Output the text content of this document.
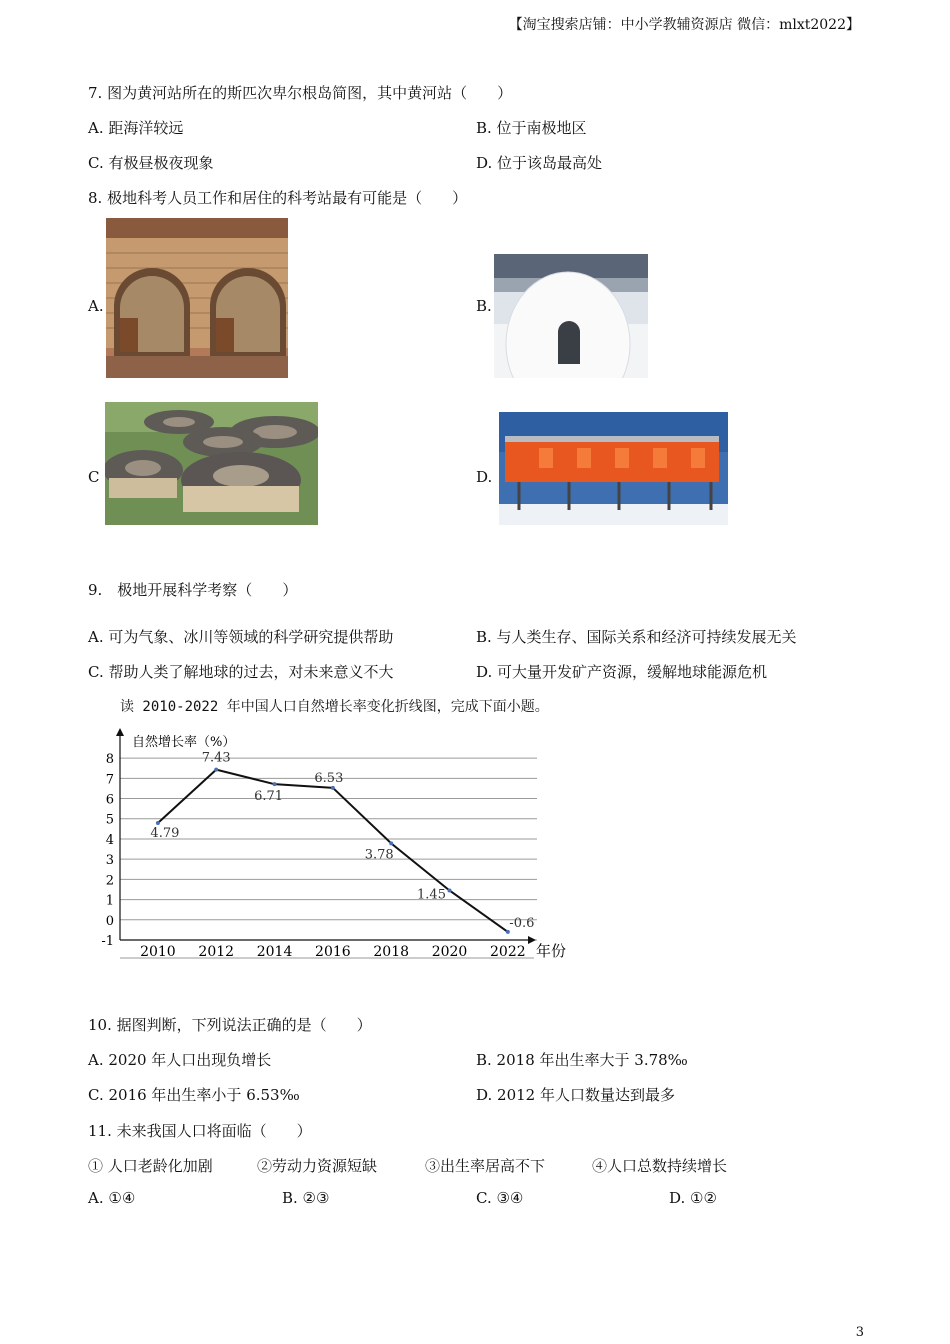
【淘宝搜索店铺：中小学教辅资源店 微信：mlxt2022】
7. 图为黄河站所在的斯匹次卑尔根岛简图，其中黄河站（　　）
A. 距海洋较远	B. 位于南极地区
C. 有极昼极夜现象	D. 位于该岛最高处
8. 极地科考人员工作和居住的科考站最有可能是（　　）
A.	B.
C	D.
9.　极地开展科学考察（　　）
A. 可为气象、冰川等领域的科学研究提供帮助	B. 与人类生存、国际关系和经济可持续发展无关
C. 帮助人类了解地球的过去，对未来意义不大	D. 可大量开发矿产资源，缓解地球能源危机
读 2010-2022 年中国人口自然增长率变化折线图，完成下面小题。
-1
0
1
2
3
4
5
6
7
8
2010 2012 2014 2016 2018 2020 2022
4.79
7.43
6.71
6.53
3.78
1.45
-0.6
自然增长率（%）
年份
10. 据图判断，下列说法正确的是（　　）
A. 2020 年人口出现负增长	B. 2018 年出生率大于 3.78‰
C. 2016 年出生率小于 6.53‰	D. 2012 年人口数量达到最多
11. 未来我国人口将面临（　　）
① 人口老龄化加剧	②劳动力资源短缺	③出生率居高不下	④人口总数持续增长
A. ①④	B. ②③	C. ③④	D. ①②
3
